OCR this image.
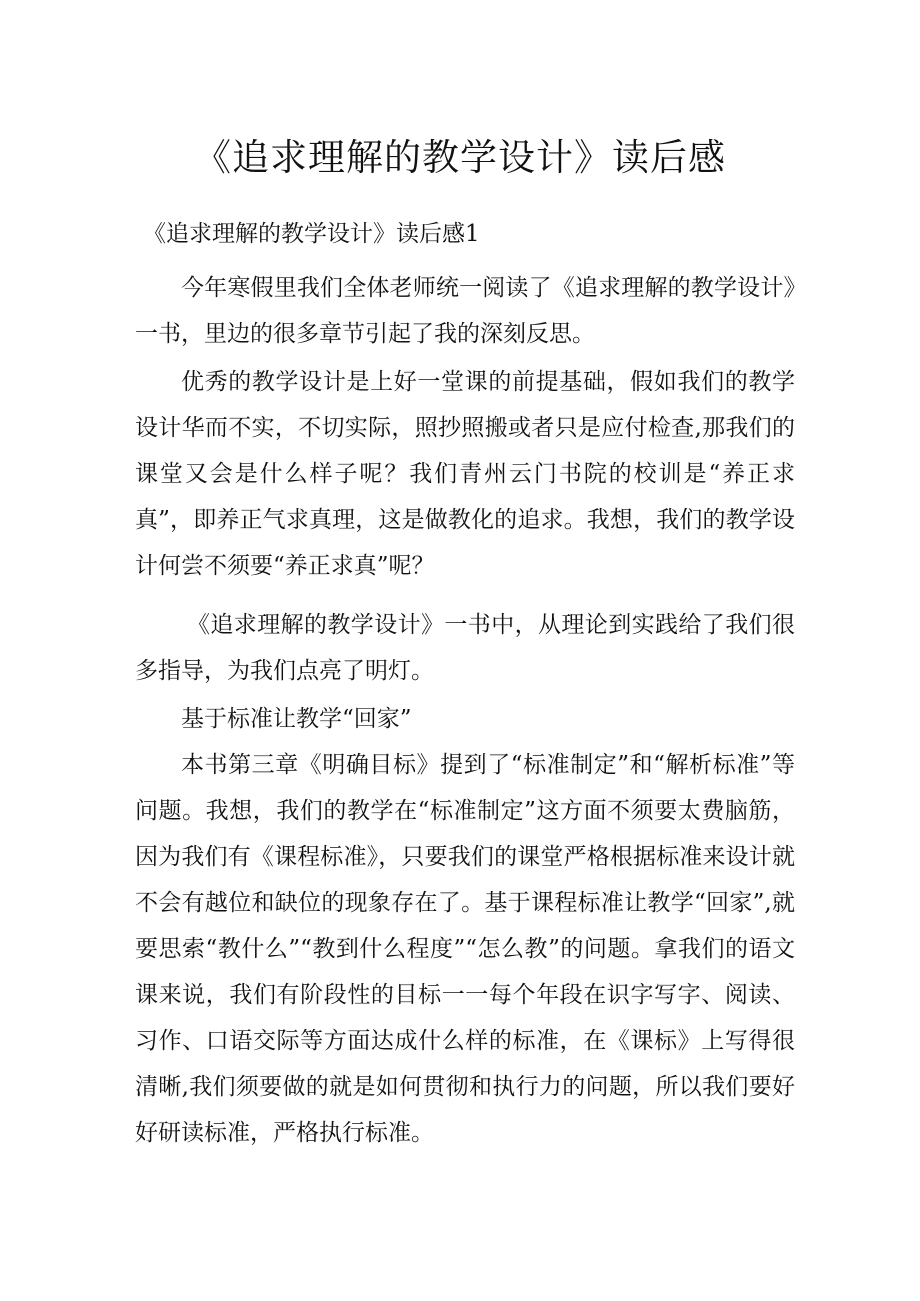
《追求理解的教学设计》读后感

《追求理解的教学设计》读后感1

今年寒假里我们全体老师统一阅读了《追求理解的教学设计》一书，里边的很多章节引起了我的深刻反思。

优秀的教学设计是上好一堂课的前提基础，假如我们的教学设计华而不实，不切实际，照抄照搬或者只是应付检查,那我们的课堂又会是什么样子呢？我们青州云门书院的校训是“养正求真”，即养正气求真理，这是做教化的追求。我想，我们的教学设计何尝不须要“养正求真”呢？

《追求理解的教学设计》一书中，从理论到实践给了我们很多指导，为我们点亮了明灯。

基于标准让教学“回家”

本书第三章《明确目标》提到了“标准制定”和“解析标准”等问题。我想，我们的教学在“标准制定”这方面不须要太费脑筋，因为我们有《课程标准》，只要我们的课堂严格根据标准来设计就不会有越位和缺位的现象存在了。基于课程标准让教学“回家”,就要思索“教什么”“教到什么程度”“怎么教”的问题。拿我们的语文课来说，我们有阶段性的目标一一每个年段在识字写字、阅读、习作、口语交际等方面达成什么样的标准，在《课标》上写得很清晰,我们须要做的就是如何贯彻和执行力的问题，所以我们要好好研读标准，严格执行标准。
